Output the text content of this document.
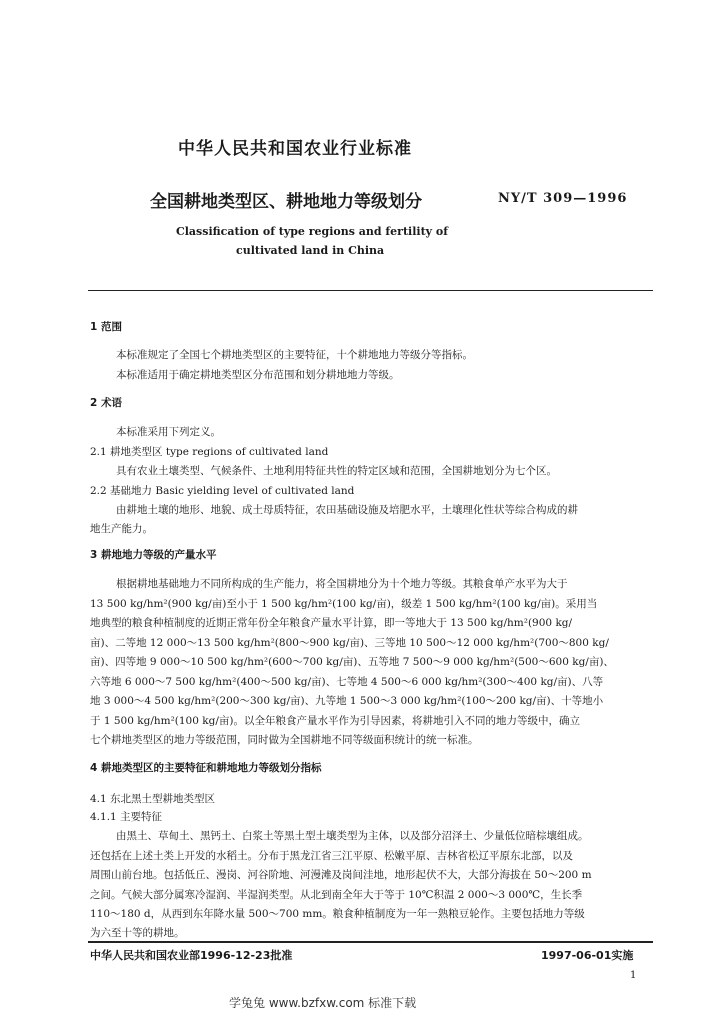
中华人民共和国农业行业标准
全国耕地类型区、耕地地力等级划分	NY/T 309—1996
Classification of type regions and fertility of
cultivated land in China
1 范围
本标准规定了全国七个耕地类型区的主要特征，十个耕地地力等级分等指标。
本标准适用于确定耕地类型区分布范围和划分耕地地力等级。
2 术语
本标准采用下列定义。
2.1 耕地类型区 type regions of cultivated land
具有农业土壤类型、气候条件、土地利用特征共性的特定区域和范围，全国耕地划分为七个区。
2.2 基础地力 Basic yielding level of cultivated land
由耕地土壤的地形、地貌、成土母质特征，农田基础设施及培肥水平，土壤理化性状等综合构成的耕
地生产能力。
3 耕地地力等级的产量水平
根据耕地基础地力不同所构成的生产能力，将全国耕地分为十个地力等级。其粮食单产水平为大于
13 500 kg/hm²(900 kg/亩)至小于 1 500 kg/hm²(100 kg/亩)，级差 1 500 kg/hm²(100 kg/亩)。采用当
地典型的粮食种植制度的近期正常年份全年粮食产量水平计算，即一等地大于 13 500 kg/hm²(900 kg/
亩)、二等地 12 000～13 500 kg/hm²(800～900 kg/亩)、三等地 10 500～12 000 kg/hm²(700～800 kg/
亩)、四等地 9 000～10 500 kg/hm²(600～700 kg/亩)、五等地 7 500～9 000 kg/hm²(500～600 kg/亩)、
六等地 6 000～7 500 kg/hm²(400～500 kg/亩)、七等地 4 500～6 000 kg/hm²(300～400 kg/亩)、八等
地 3 000～4 500 kg/hm²(200～300 kg/亩)、九等地 1 500～3 000 kg/hm²(100～200 kg/亩)、十等地小
于 1 500 kg/hm²(100 kg/亩)。以全年粮食产量水平作为引导因素，将耕地引入不同的地力等级中，确立
七个耕地类型区的地力等级范围，同时做为全国耕地不同等级面积统计的统一标准。
4 耕地类型区的主要特征和耕地地力等级划分指标
4.1 东北黑土型耕地类型区
4.1.1 主要特征
由黑土、草甸土、黑钙土、白浆土等黑土型土壤类型为主体，以及部分沼泽土、少量低位暗棕壤组成。
还包括在上述土类上开发的水稻土。分布于黑龙江省三江平原、松嫩平原、吉林省松辽平原东北部，以及
周围山前台地。包括低丘、漫岗、河谷阶地、河漫滩及岗间洼地，地形起伏不大，大部分海拔在 50～200 m
之间。气候大部分属寒冷湿润、半湿润类型。从北到南全年大于等于 10℃积温 2 000～3 000℃，生长季
110～180 d，从西到东年降水量 500～700 mm。粮食种植制度为一年一熟粮豆轮作。主要包括地力等级
为六至十等的耕地。
中华人民共和国农业部1996-12-23批准	1997-06-01实施
1
学兔兔 www.bzfxw.com 标准下载
